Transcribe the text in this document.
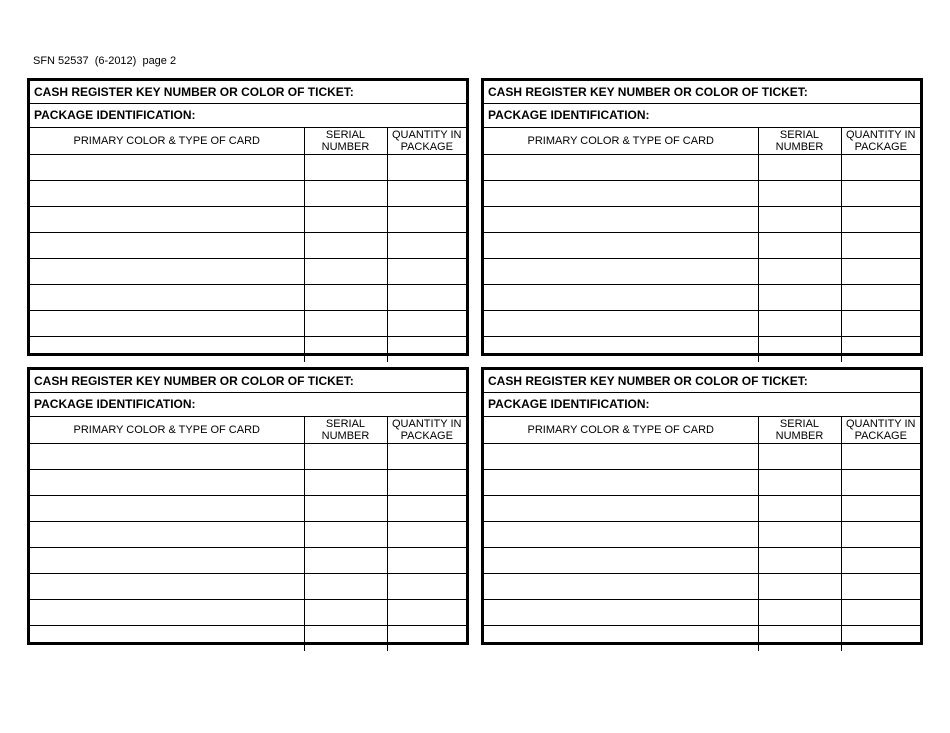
SFN 52537  (6-2012)  page 2
CASH REGISTER KEY NUMBER OR COLOR OF TICKET:
PACKAGE IDENTIFICATION:
PRIMARY COLOR & TYPE OF CARD	SERIAL NUMBER	QUANTITY IN PACKAGE

CASH REGISTER KEY NUMBER OR COLOR OF TICKET:
PACKAGE IDENTIFICATION:
PRIMARY COLOR & TYPE OF CARD	SERIAL NUMBER	QUANTITY IN PACKAGE

CASH REGISTER KEY NUMBER OR COLOR OF TICKET:
PACKAGE IDENTIFICATION:
PRIMARY COLOR & TYPE OF CARD	SERIAL NUMBER	QUANTITY IN PACKAGE

CASH REGISTER KEY NUMBER OR COLOR OF TICKET:
PACKAGE IDENTIFICATION:
PRIMARY COLOR & TYPE OF CARD	SERIAL NUMBER	QUANTITY IN PACKAGE
